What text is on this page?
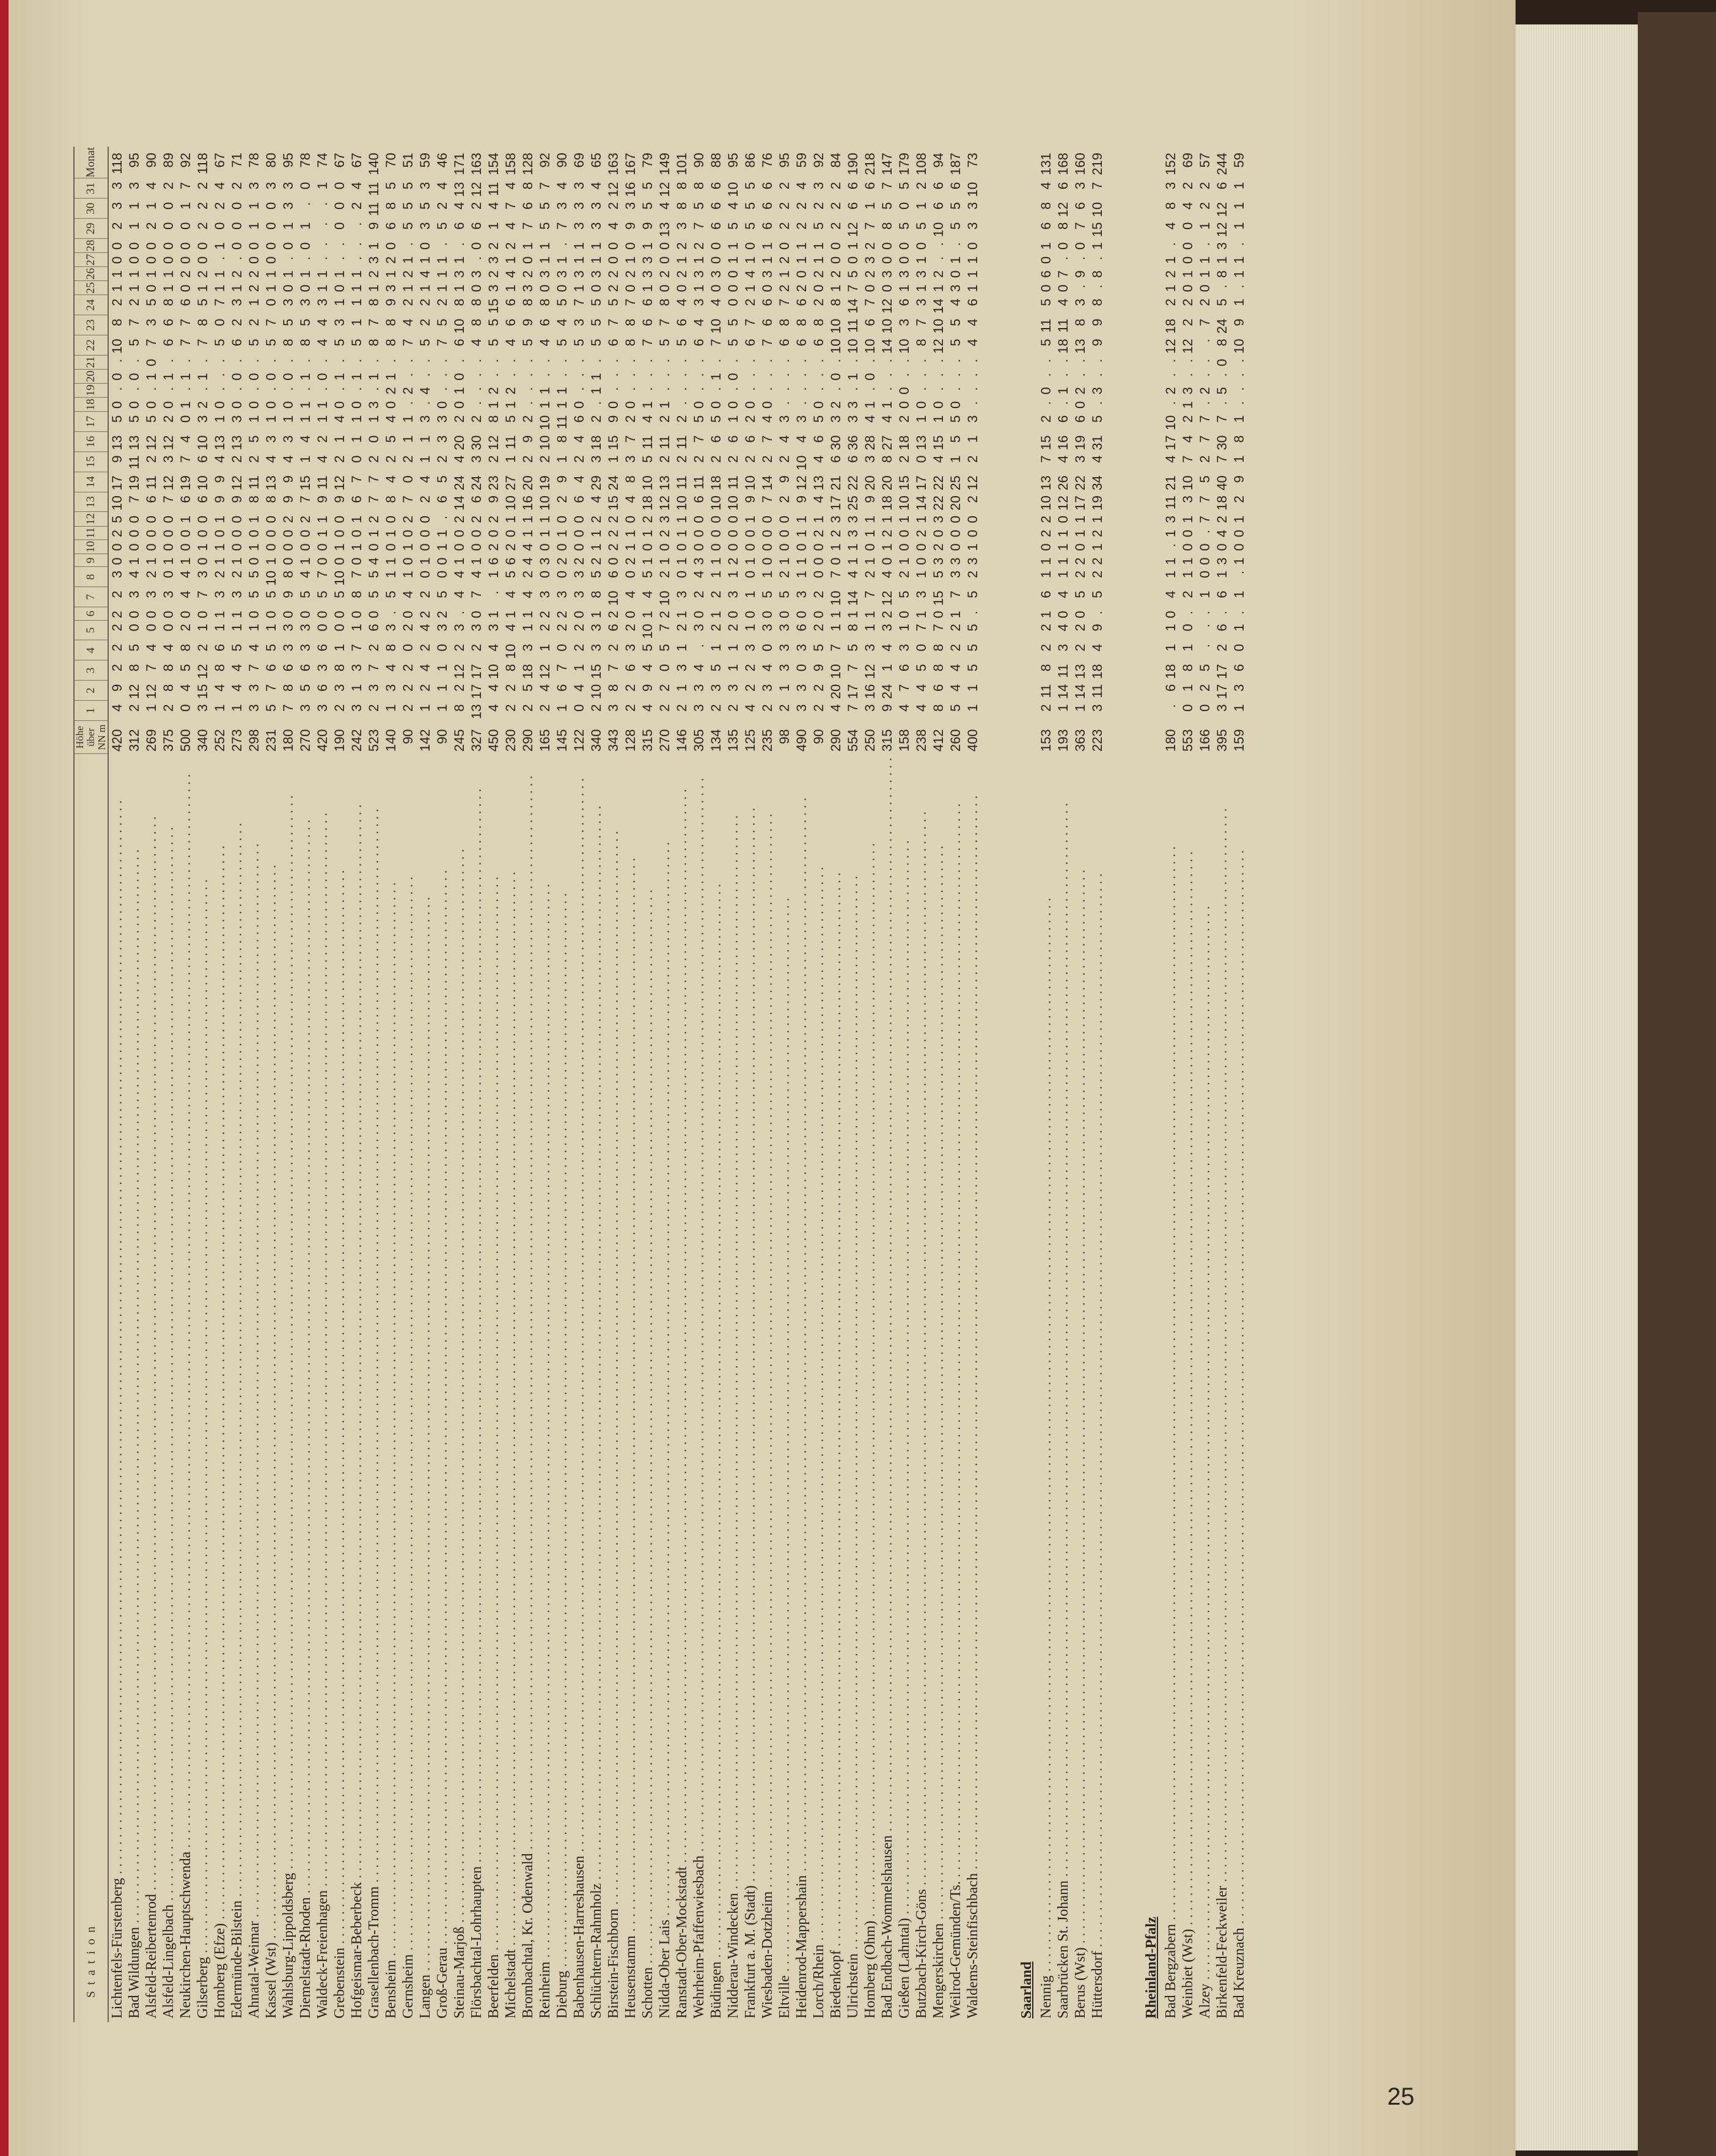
Station	Höhe über NN m	1	2	3	4	5	6	7	8	9	10	11	12	13	14	15	16	17	18	19	20	21	22	23	24	25	26	27	28	29	30	31	Monat
Lichtenfels-Fürstenberg . . .	420	4	9	2	2	2	2	2	3	0	0	2	5	10	17	9	13	5	0	.	0	.	10	8	2	1	1	0	0	2	3	3	118
Bad Wildungen . . .	312	2	12	8	5	0	0	3	4	1	0	0	0	7	19	11	13	5	0	.	0	.	5	7	2	1	1	0	0	1	1	3	95
Alsfeld-Reibertenrod . . .	269	1	12	7	4	0	0	3	2	1	0	0	0	6	11	2	12	5	0	.	1	0	7	3	5	0	1	0	0	2	1	4	90
Alsfeld-Lingelbach . . .	375	2	8	8	4	0	0	3	0	1	0	0	0	7	12	3	12	2	0	.	1	.	6	6	8	1	1	0	0	0	0	2	89
Neukirchen-Hauptschwenda . . .	500	0	4	5	8	2	0	4	4	1	0	0	1	6	19	7	4	0	1	.	1	.	7	7	6	0	2	0	0	0	1	7	92
Gilserberg . . .	340	3	15	12	2	1	0	7	3	0	1	0	0	6	10	6	10	3	2	.	1	.	7	8	5	1	2	0	0	2	2	2	118
Homberg (Efze) . . .	252	1	4	8	6	1	1	3	2	1	1	0	1	9	9	4	13	1	0	.	.	.	5	0	7	1	1	.	1	0	2	4	67
Edermünde-Bilstein . . .	273	1	4	4	5	1	1	3	2	1	0	0	0	9	12	2	13	3	0	.	0	.	6	2	3	1	2	.	0	0	0	2	71
Ahnatal-Weimar . . .	298	3	3	7	4	1	0	5	5	0	1	0	1	8	11	2	5	1	0	.	0	.	5	2	1	2	2	0	0	1	1	3	78
Kassel (Wst) . . .	231	5	7	6	5	1	0	5	10	1	0	0	0	8	13	4	3	1	0	.	0	.	5	7	0	1	1	0	0	0	0	3	80
Wahlsburg-Lippoldsberg . . .	180	7	8	6	3	3	0	9	8	0	0	0	2	9	9	4	3	1	0	.	0	.	8	5	3	0	1	.	0	1	3	3	95
Diemelstadt-Rhoden . . .	270	3	5	6	3	3	0	5	4	1	0	0	2	7	15	1	4	1	1	.	1	.	8	5	3	0	1	.	0	1	.	0	78
Waldeck-Freienhagen . . .	420	3	6	3	6	0	0	5	7	0	0	1	1	9	11	4	2	1	1	.	0	.	4	4	3	1	1	.	.	.	.	1	74
Grebenstein . . .	190	2	3	8	1	0	0	5	10	0	1	0	0	9	12	2	1	4	0	.	1	.	5	3	1	0	1	.	.	0	0	0	67
Hofgeismar-Beberbeck . . .	242	3	1	3	7	1	0	8	7	0	1	0	1	6	7	0	1	1	0	.	1	.	5	1	1	1	1	.	.	.	2	4	67
Grasellenbach-Tromm . . .	523	2	3	7	2	6	0	5	5	4	0	1	2	7	7	2	0	1	3	.	1	.	8	7	8	1	2	3	1	9	11	11	140
Bensheim . . .	140	1	3	4	8	3	.	5	1	1	0	1	0	8	4	2	5	4	0	2	1	.	8	8	9	3	1	2	0	6	8	5	70
Gernsheim . . .	90	2	2	2	0	2	0	4	1	0	1	0	2	7	0	2	1	1	.	2	.	.	7	4	2	1	2	1	.	5	5	5	51
Langen . . .	142	1	2	4	2	4	2	2	0	1	0	0	0	2	4	1	1	3	.	4	.	.	5	2	2	1	4	1	0	3	5	3	59
Groß-Gerau . . .	90	1	1	1	0	3	2	5	0	0	1	1	.	6	5	2	3	3	0	.	.	.	7	5	2	1	1	1	.	5	2	4	46
Steinau-Marjoß . . .	245	8	2	12	2	3	.	4	4	1	0	0	2	14	24	4	20	2	0	1	0	.	6	10	8	1	3	1	.	6	4	13	171
Flörsbachtal-Lohrhaupten . . .	327	13	17	17	2	3	0	7	4	1	0	0	2	6	24	3	30	2	.	.	.	.	4	8	8	0	3	.	0	6	2	12	163
Beerfelden . . .	450	4	4	10	4	3	1	.	1	6	2	0	2	9	23	2	12	8	1	2	.	.	5	5	15	3	2	3	2	1	4	11	154
Michelstadt . . .	230	2	2	8	10	4	1	4	5	6	2	0	1	10	27	1	11	5	1	2	.	.	4	6	6	1	4	1	2	4	7	4	158
Brombachtal, Kr. Odenwald . . .	290	2	5	18	3	1	1	4	2	4	4	1	1	16	20	2	9	2	.	.	.	.	5	9	8	3	2	0	1	7	6	8	128
Reinheim . . .	165	2	4	12	1	2	2	3	0	3	0	1	1	10	19	2	10	10	1	1	.	.	4	6	8	0	3	1	1	5	5	7	92
Dieburg . . .	145	1	6	7	0	2	2	3	0	2	0	1	0	2	9	1	8	11	1	1	.	.	5	4	5	0	3	1	.	7	3	4	90
Babenhausen-Harreshausen . . .	122	0	4	1	2	2	0	3	3	2	0	0	0	6	4	2	4	6	0	.	.	.	5	3	7	1	3	1	1	3	3	3	69
Schlüchtern-Rahmholz . . .	340	2	10	15	3	3	1	8	5	2	1	1	2	4	29	3	18	2	.	1	1	.	5	5	5	0	3	1	1	3	3	4	65
Birstein-Fischborn . . .	343	3	8	7	2	6	2	10	6	0	2	2	2	15	24	1	15	9	0	.	.	.	6	7	5	2	2	0	0	4	2	12	163
Heusenstamm . . .	128	2	2	6	3	2	0	4	0	2	1	1	0	4	8	3	7	2	0	.	.	.	8	8	7	0	2	1	0	9	3	16	167
Schotten . . .	315	4	9	4	5	10	1	4	5	1	0	1	2	18	10	5	11	4	1	.	.	.	7	6	6	1	3	3	1	9	5	5	79
Nidda-Ober Lais . . .	270	2	2	0	5	7	2	10	2	1	0	2	3	12	13	2	11	2	1	.	.	.	5	7	8	0	2	0	0	13	4	12	149
Ranstadt-Ober-Mockstadt . . .	146	2	1	3	1	2	1	3	0	1	0	1	1	10	11	2	11	2	.	.	.	.	5	6	4	0	2	1	2	3	8	8	101
Wehrheim-Pfaffenwiesbach . . .	305	3	3	4	.	3	0	2	4	3	0	0	0	6	11	2	7	5	0	.	.	.	6	4	3	1	3	1	2	7	5	8	90
Büdingen . . .	134	2	3	5	1	2	1	2	1	1	0	0	0	10	18	2	6	5	0	.	1	.	7	10	4	0	3	0	0	6	6	6	88
Nidderau-Windecken . . .	135	2	3	1	1	2	0	3	1	2	0	0	0	10	11	2	6	1	0	.	0	.	5	5	0	0	0	1	1	5	4	10	95
Frankfurt a. M. (Stadt) . . .	125	4	2	2	3	1	0	1	0	1	0	0	1	9	10	2	6	2	0	.	.	.	6	7	2	1	4	1	0	5	5	5	86
Wiesbaden-Dotzheim . . .	235	2	3	4	0	3	0	5	1	0	0	0	0	7	14	2	7	4	0	.	.	.	7	6	6	0	3	1	1	6	6	6	76
Eltville . . .	98	2	1	3	3	3	0	5	2	1	0	0	0	2	9	2	4	3	.	.	.	.	6	8	7	2	1	2	0	2	2	2	95
Heidenrod-Mappershain . . .	490	3	3	0	3	6	0	3	1	1	0	1	1	9	12	10	4	3	.	.	.	.	6	8	6	2	0	1	1	2	2	4	59
Lorch/Rhein . . .	90	2	2	9	5	2	0	2	0	0	0	2	1	4	13	4	6	5	0	.	.	.	6	8	2	0	2	1	1	5	2	3	92
Biedenkopf . . .	290	4	20	10	7	1	1	10	7	0	1	2	3	17	21	6	30	3	2	.	0	.	10	10	8	1	2	0	0	2	2	2	84
Ulrichstein . . .	554	7	17	7	5	8	1	14	4	1	1	3	3	25	22	6	36	3	3	.	1	.	10	11	14	7	5	0	1	12	6	6	190
Homberg (Ohm) . . .	250	3	16	12	3	1	1	7	2	1	0	1	1	9	20	3	28	4	1	.	0	.	10	6	7	0	2	3	2	7	1	6	218
Bad Endbach-Wommelshausen . . .	315	9	24	1	4	3	2	12	4	0	1	2	1	18	20	8	27	4	1	.	.	.	14	10	12	0	3	0	0	8	5	7	147
Gießen (Lahntal) . . .	158	4	7	6	3	1	0	5	2	1	0	0	1	10	15	2	18	2	0	0	.	.	10	3	6	1	3	0	0	5	0	5	179
Butzbach-Kirch-Göns . . .	238	4	4	5	0	7	1	3	1	0	0	2	1	14	17	0	13	1	0	.	.	.	8	7	3	1	3	1	0	5	1	2	108
Mengerskirchen . . .	412	8	6	8	8	7	0	15	5	3	2	0	3	22	22	4	15	1	0	.	.	.	12	10	14	1	2	.	.	10	6	6	94
Weilrod-Gemünden/Ts. . . .	260	5	4	4	2	2	1	7	3	3	0	0	0	20	25	1	5	5	0	.	.	.	5	5	4	3	0	1	.	5	5	6	187
Waldems-Steinfischbach . . .	400	1	1	5	5	5	.	5	2	3	1	0	0	2	12	2	1	3	.	.	.	.	4	4	6	1	1	1	0	3	3	10	73

Saarland																																	
Nennig . . .	153	2	11	8	2	2	1	6	1	1	0	2	2	10	13	7	15	2	.	0	.	.	5	11	5	0	6	0	1	6	8	4	131
Saarbrücken St. Johann . . .	193	1	14	11	3	4	0	4	1	1	1	1	0	12	26	4	16	6	.	1	.	.	18	11	4	0	7	.	0	8	12	6	168
Berus (Wst) . . .	363	1	14	13	2	2	0	5	2	2	0	1	1	17	22	3	19	6	0	2	.	.	13	8	3	.	9	.	0	7	6	3	160
Hüttersdorf . . .	223	3	11	18	4	9	.	5	2	2	1	2	1	19	34	4	31	5	.	3	.	.	9	9	8	.	8	.	1	15	10	7	219

Rheinland-Pfalz																																	
Bad Bergzabern . . .	180	.	6	18	1	1	0	4	1	1	.	1	3	11	21	4	17	10	.	2	.	.	12	18	2	1	2	1	.	4	8	3	152
Weinbiet (Wst) . . .	553	0	1	8	1	0	.	2	1	1	0	0	1	3	10	7	4	2	1	3	.	.	12	2	2	0	1	0	0	0	4	2	69
Alzey . . .	166	0	2	5	.	.	.	1	0	0	0	.	7	7	5	2	7	7	.	2	.	.	.	7	2	0	1	1	.	1	2	2	57
Birkenfeld-Feckweiler . . .	395	3	17	17	2	6	.	6	1	3	0	4	2	18	40	7	30	7	.	5	.	0	8	24	5	.	8	1	3	12	12	6	244
Bad Kreuznach . . .	159	1	3	6	0	1	.	1	.	1	0	0	1	2	9	1	8	1	.	.	.	.	10	9	1	.	1	1	.	1	1	1	59
25
